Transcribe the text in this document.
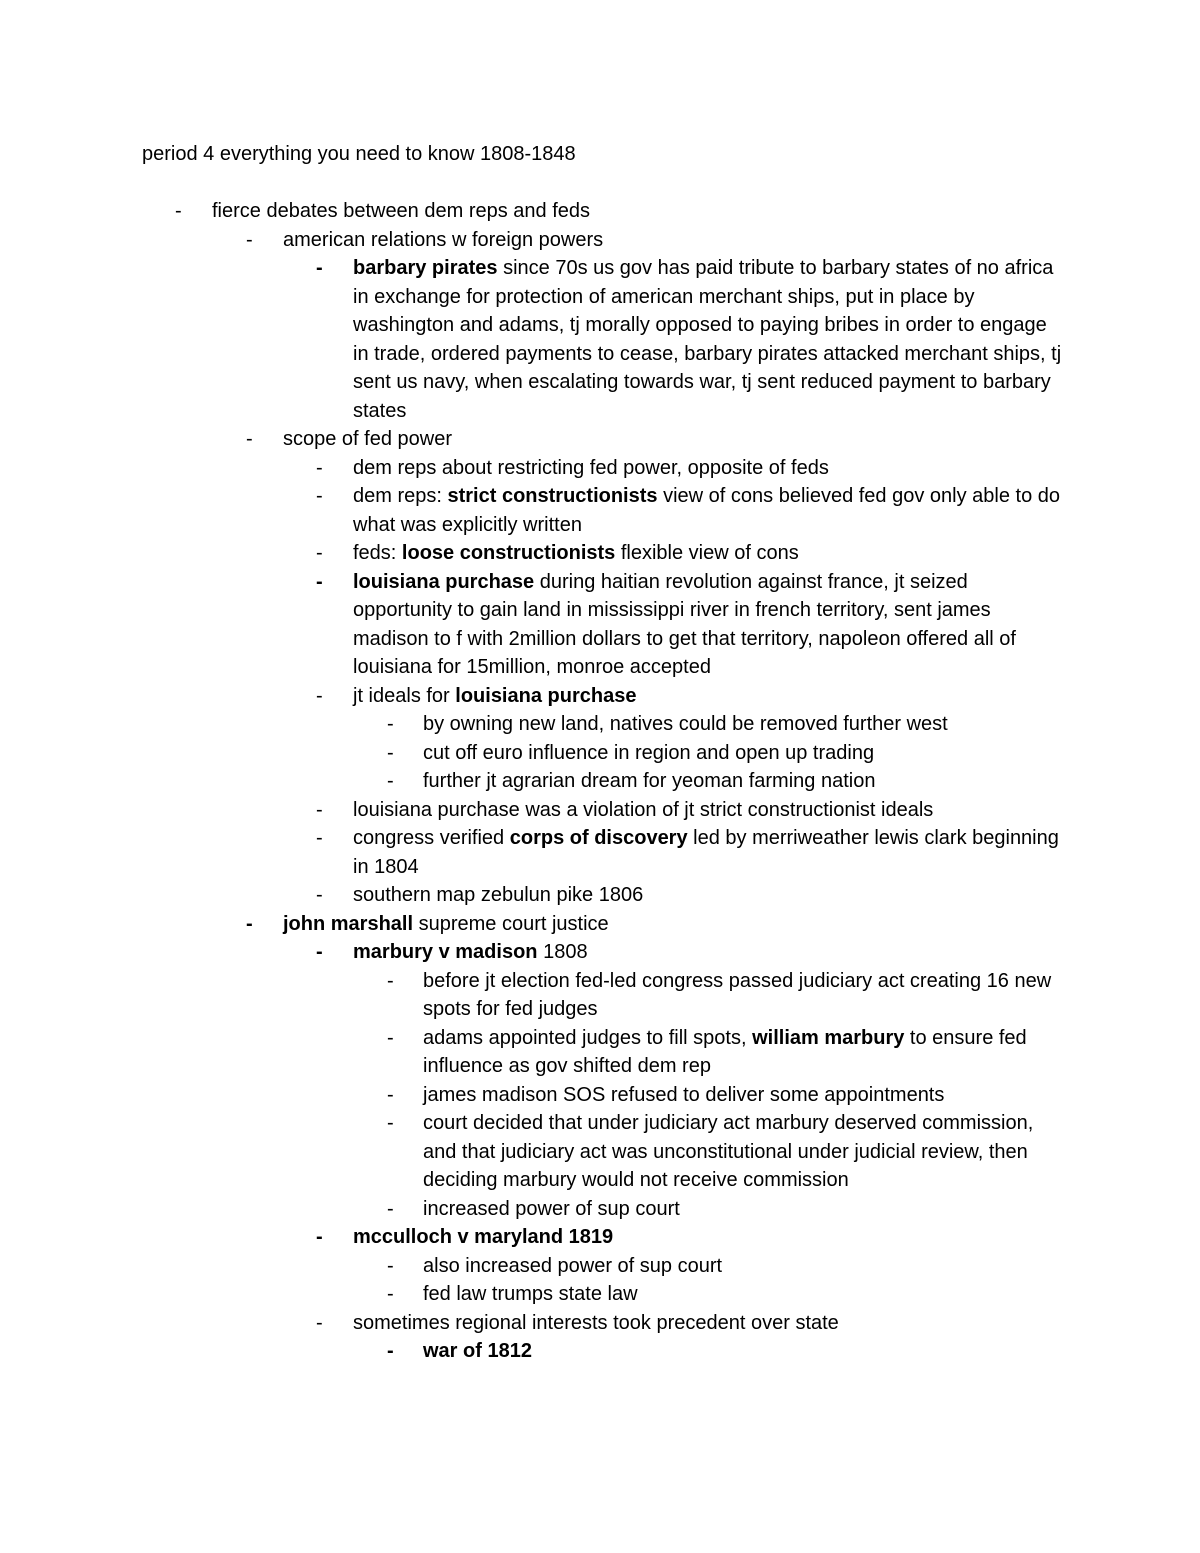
period 4 everything you need to know 1808-1848
- fierce debates between dem reps and feds
- american relations w foreign powers
- barbary pirates since 70s us gov has paid tribute to barbary states of no africa in exchange for protection of american merchant ships, put in place by washington and adams, tj morally opposed to paying bribes in order to engage in trade, ordered payments to cease, barbary pirates attacked merchant ships, tj sent us navy, when escalating towards war, tj sent reduced payment to barbary states
- scope of fed power
- dem reps about restricting fed power, opposite of feds
- dem reps: strict constructionists view of cons believed fed gov only able to do what was explicitly written
- feds: loose constructionists flexible view of cons
- louisiana purchase during haitian revolution against france, jt seized opportunity to gain land in mississippi river in french territory, sent james madison to f with 2million dollars to get that territory, napoleon offered all of louisiana for 15million, monroe accepted
- jt ideals for louisiana purchase
- by owning new land, natives could be removed further west
- cut off euro influence in region and open up trading
- further jt agrarian dream for yeoman farming nation
- louisiana purchase was a violation of jt strict constructionist ideals
- congress verified corps of discovery led by merriweather lewis clark beginning in 1804
- southern map zebulun pike 1806
- john marshall supreme court justice
- marbury v madison 1808
- before jt election fed-led congress passed judiciary act creating 16 new spots for fed judges
- adams appointed judges to fill spots, william marbury to ensure fed influence as gov shifted dem rep
- james madison SOS refused to deliver some appointments
- court decided that under judiciary act marbury deserved commission, and that judiciary act was unconstitutional under judicial review, then deciding marbury would not receive commission
- increased power of sup court
- mcculloch v maryland 1819
- also increased power of sup court
- fed law trumps state law
- sometimes regional interests took precedent over state
- war of 1812
